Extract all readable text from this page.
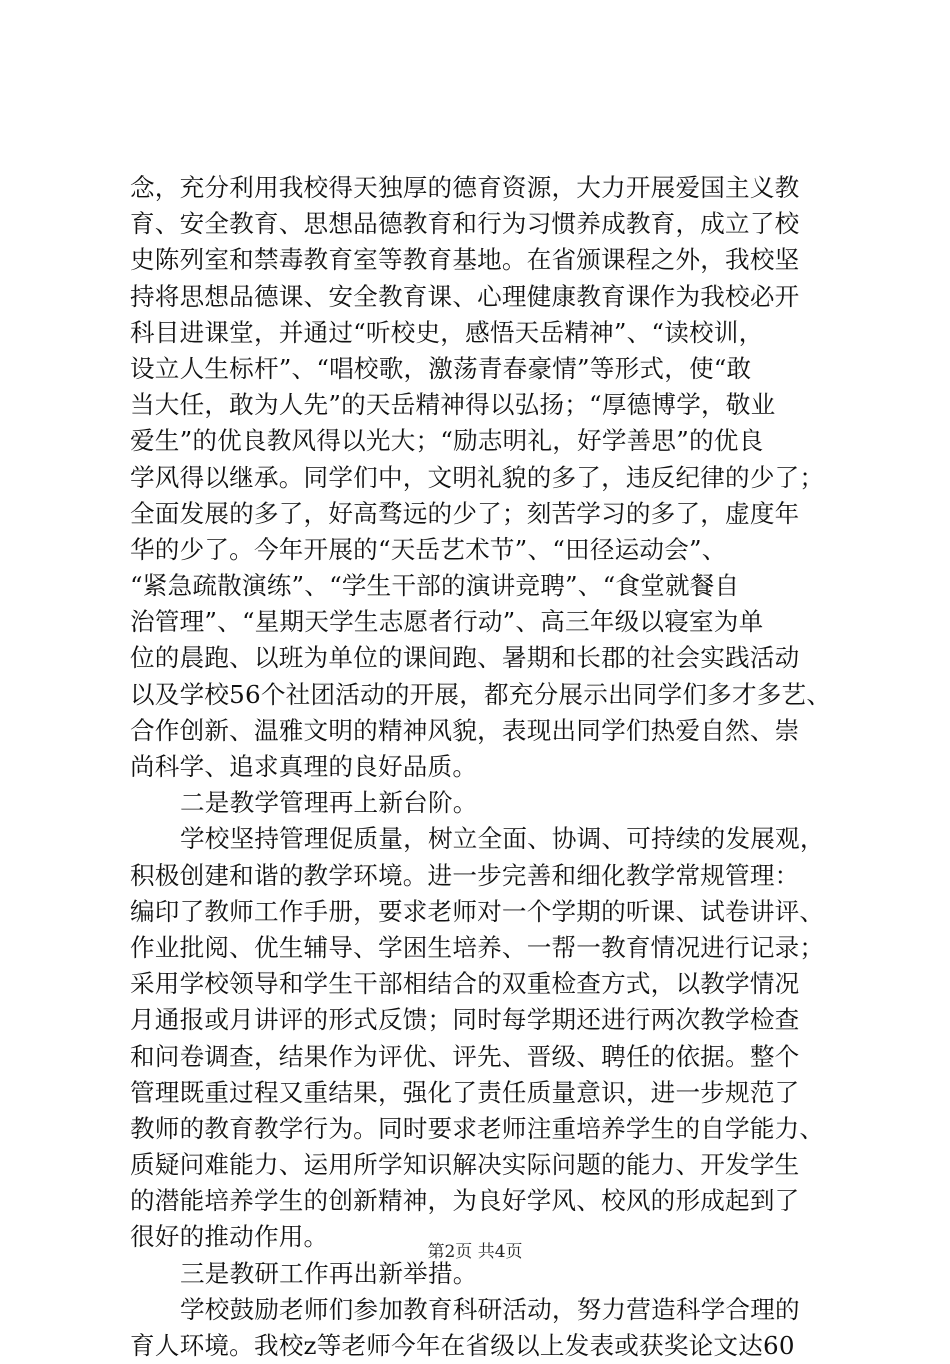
念，充分利用我校得天独厚的德育资源，大力开展爱国主义教
育、安全教育、思想品德教育和行为习惯养成教育，成立了校
史陈列室和禁毒教育室等教育基地。在省颁课程之外，我校坚
持将思想品德课、安全教育课、心理健康教育课作为我校必开
科目进课堂，并通过“听校史，感悟天岳精神”、“读校训，
设立人生标杆”、“唱校歌，激荡青春豪情”等形式，使“敢
当大任，敢为人先”的天岳精神得以弘扬；“厚德博学，敬业
爱生”的优良教风得以光大；“励志明礼，好学善思”的优良
学风得以继承。同学们中，文明礼貌的多了，违反纪律的少了；
全面发展的多了，好高骛远的少了；刻苦学习的多了，虚度年
华的少了。今年开展的“天岳艺术节”、“田径运动会”、
“紧急疏散演练”、“学生干部的演讲竞聘”、“食堂就餐自
治管理”、“星期天学生志愿者行动”、高三年级以寝室为单
位的晨跑、以班为单位的课间跑、暑期和长郡的社会实践活动
以及学校56个社团活动的开展，都充分展示出同学们多才多艺、
合作创新、温雅文明的精神风貌，表现出同学们热爱自然、崇
尚科学、追求真理的良好品质。
二是教学管理再上新台阶。
学校坚持管理促质量，树立全面、协调、可持续的发展观，
积极创建和谐的教学环境。进一步完善和细化教学常规管理：
编印了教师工作手册，要求老师对一个学期的听课、试卷讲评、
作业批阅、优生辅导、学困生培养、一帮一教育情况进行记录；
采用学校领导和学生干部相结合的双重检查方式，以教学情况
月通报或月讲评的形式反馈；同时每学期还进行两次教学检查
和问卷调查，结果作为评优、评先、晋级、聘任的依据。整个
管理既重过程又重结果，强化了责任质量意识，进一步规范了
教师的教育教学行为。同时要求老师注重培养学生的自学能力、
质疑问难能力、运用所学知识解决实际问题的能力、开发学生
的潜能培养学生的创新精神，为良好学风、校风的形成起到了
很好的推动作用。
三是教研工作再出新举措。
学校鼓励老师们参加教育科研活动，努力营造科学合理的
育人环境。我校z等老师今年在省级以上发表或获奖论文达60
第2页 共4页
